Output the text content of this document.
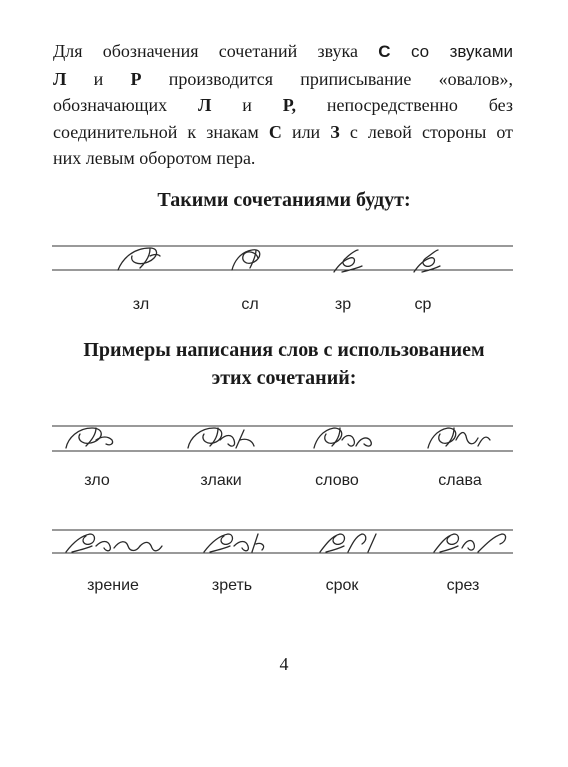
Для обозначения сочетаний звука С со звуками
Л и Р производится приписывание «овалов»,
обозначающих Л и Р, непосредственно без
соединительной к знакам С или З с левой стороны от
них левым оборотом пера.

Такими сочетаниями будут:

зл	сл	зр	ср

Примеры написания слов с использованием
этих сочетаний:

зло	злаки	слово	слава
зрение	зреть	срок	срез
4
